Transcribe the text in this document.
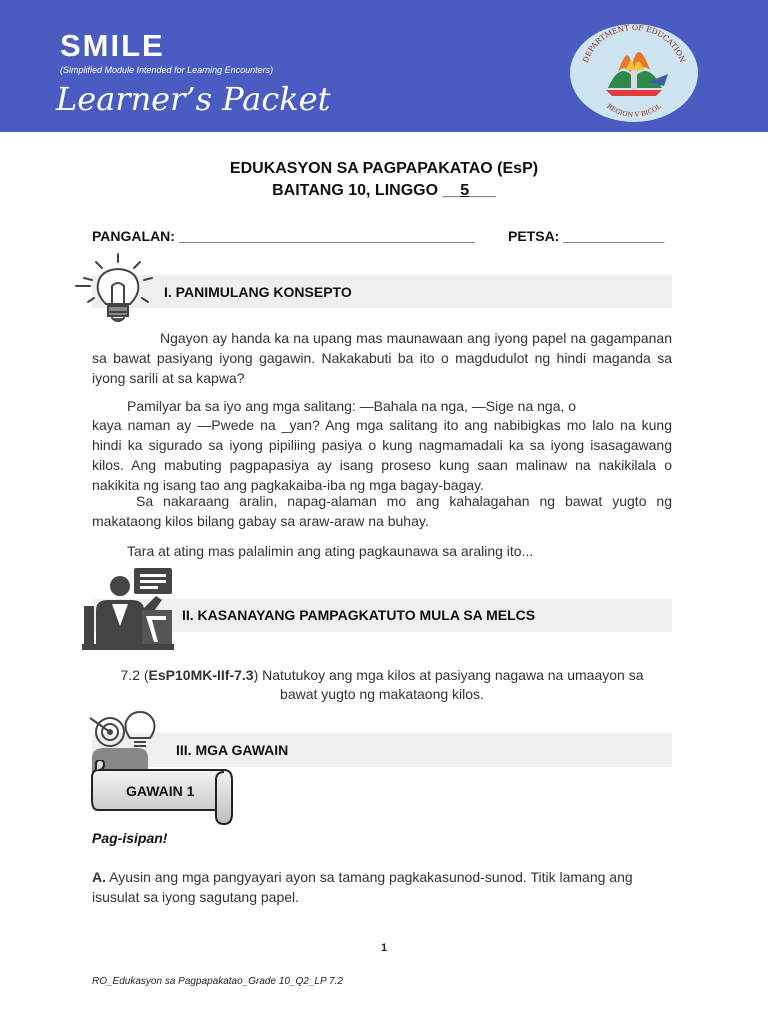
SMILE
(Simplified Module Intended for Learning Encounters)
Learner’s Packet
DEPARTMENT OF EDUCATION
REGION V BICOL
EDUKASYON SA PAGPAPAKATAO (EsP)
BAITANG 10, LINGGO __5___
PANGALAN: ______________________________________ PETSA: _____________
I. PANIMULANG KONSEPTO
Ngayon ay handa ka na upang mas maunawaan ang iyong papel na gagampanan sa bawat pasiyang iyong gagawin. Nakakabuti ba ito o magdudulot ng hindi maganda sa iyong sarili at sa kapwa?
Pamilyar ba sa iyo ang mga salitang: —Bahala na nga, —Sige na nga, o
kaya naman ay —Pwede na _yan? Ang mga salitang ito ang nabibigkas mo lalo na kung hindi ka sigurado sa iyong pipiliing pasiya o kung nagmamadali ka sa iyong isasagawang kilos. Ang mabuting pagpapasiya ay isang proseso kung saan malinaw na nakikilala o nakikita ng isang tao ang pagkakaiba-iba ng mga bagay-bagay.
Sa nakaraang aralin, napag-alaman mo ang kahalagahan ng bawat yugto ng makataong kilos bilang gabay sa araw-araw na buhay.
Tara at ating mas palalimin ang ating pagkaunawa sa araling ito...
II. KASANAYANG PAMPAGKATUTO MULA SA MELCS
7.2 (EsP10MK-IIf-7.3) Natutukoy ang mga kilos at pasiyang nagawa na umaayon sa
bawat yugto ng makataong kilos.
III. MGA GAWAIN
GAWAIN 1
Pag-isipan!
A. Ayusin ang mga pangyayari ayon sa tamang pagkakasunod-sunod. Titik lamang ang isusulat sa iyong sagutang papel.
1
RO_Edukasyon sa Pagpapakatao_Grade 10_Q2_LP 7.2
